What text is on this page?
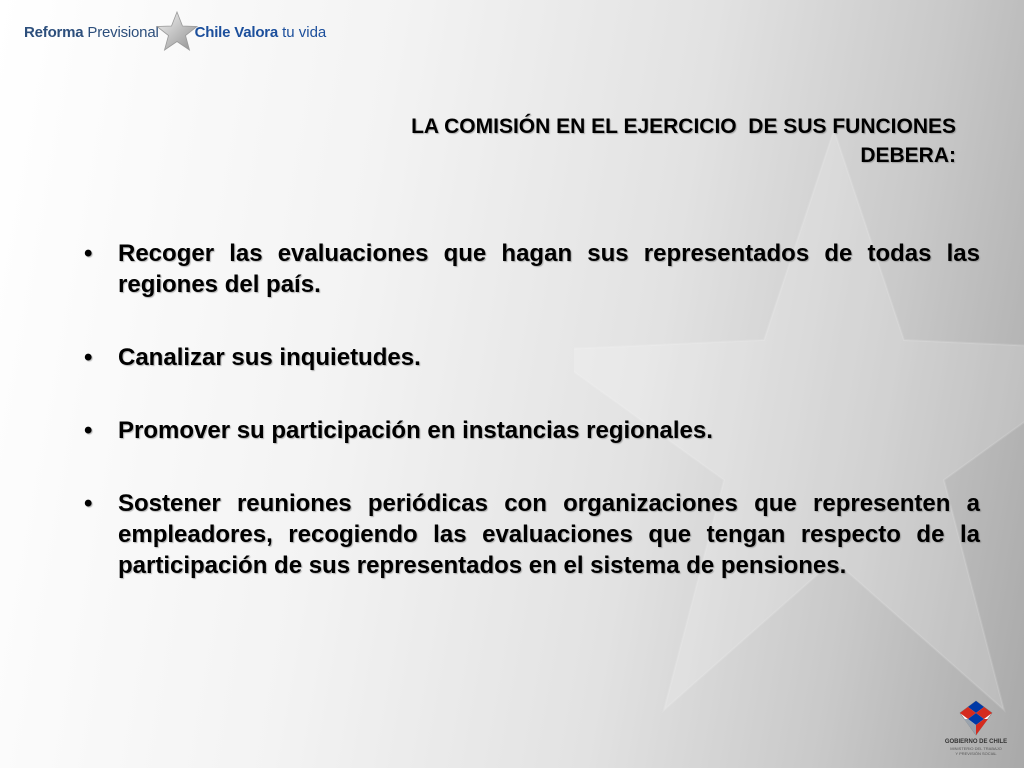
Reforma Previsional Chile Valora tu vida
LA COMISIÓN EN EL EJERCICIO  DE SUS FUNCIONES
DEBERA:
• Recoger las evaluaciones que hagan sus representados de todas las regiones del país.
• Canalizar sus inquietudes.
• Promover su participación en instancias regionales.
• Sostener reuniones periódicas con organizaciones que representen a empleadores, recogiendo las evaluaciones que tengan respecto de la participación de sus representados en el sistema de pensiones.
GOBIERNO DE CHILE
MINISTERIO DEL TRABAJO
Y PREVISIÓN SOCIAL
